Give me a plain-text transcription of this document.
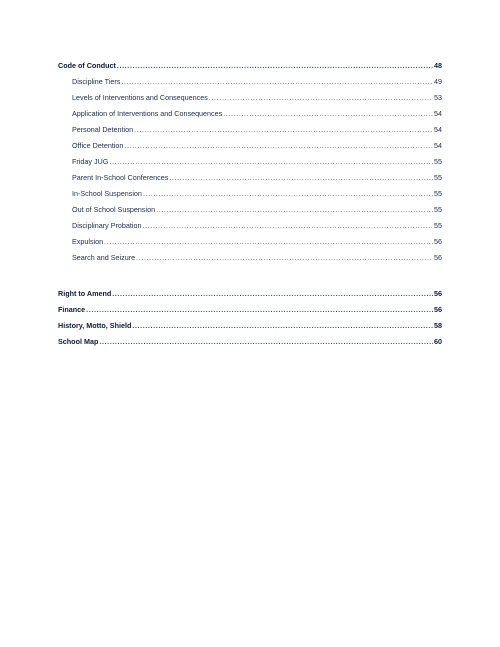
Code of Conduct .....	48
Discipline Tiers .....	49
Levels of Interventions and Consequences .....	53
Application of Interventions and Consequences .....	54
Personal Detention .....	54
Office Detention .....	54
Friday JUG .....	55
Parent In-School Conferences .....	55
In-School Suspension .....	55
Out of School Suspension .....	55
Disciplinary Probation .....	55
Expulsion .....	56
Search and Seizure .....	56
Right to Amend .....	56
Finance .....	56
History, Motto, Shield .....	58
School Map .....	60
